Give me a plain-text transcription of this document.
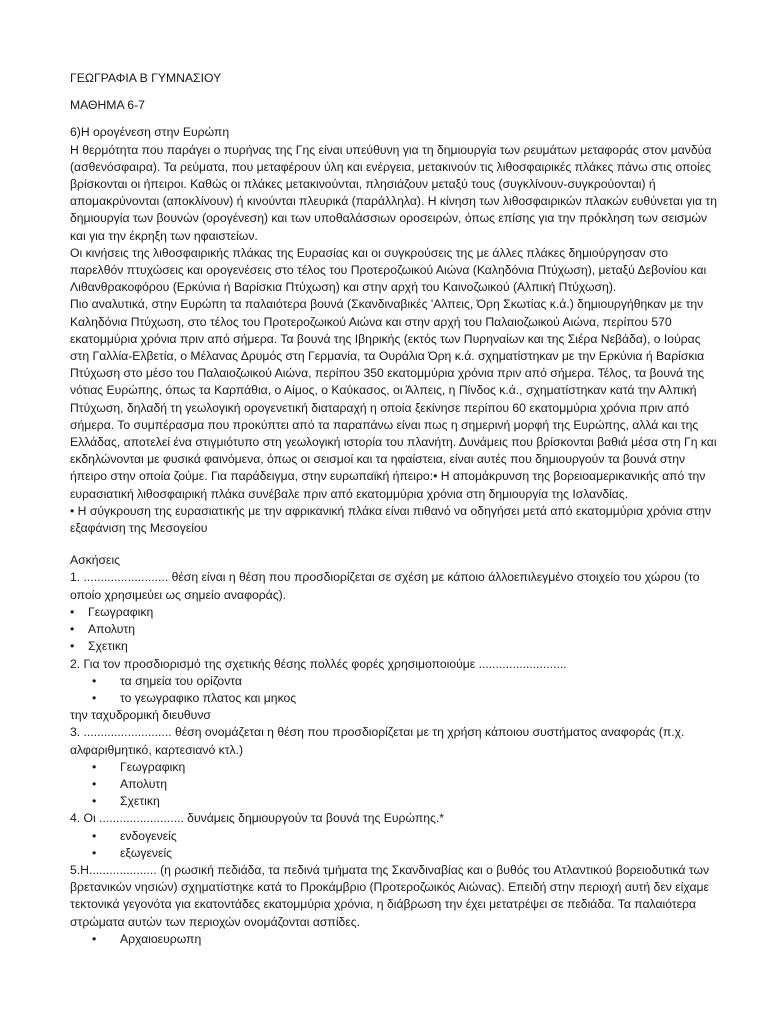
ΓΕΩΓΡΑΦΙΑ Β ΓΥΜΝΑΣΙΟΥ
ΜΑΘΗΜΑ 6-7

6)Η ορογένεση στην Ευρώπη

Η θερμότητα που παράγει ο πυρήνας της Γης είναι υπεύθυνη για τη δημιουργία των ρευμάτων μεταφοράς στον μανδύα (ασθενόσφαιρα). Τα ρεύματα, που μεταφέρουν ύλη και ενέργεια, μετακινούν τις λιθοσφαιρικές πλάκες πάνω στις οποίες βρίσκονται οι ήπειροι. Καθώς οι πλάκες μετακινούνται, πλησιάζουν μεταξύ τους (συγκλίνουν-συγκρούονται) ή απομακρύνονται (αποκλίνουν) ή κινούνται πλευρικά (παράλληλα). Η κίνηση των λιθοσφαιρικών πλακών ευθύνεται για τη δημιουργία των βουνών (ορογένεση) και των υποθαλάσσιων οροσειρών, όπως επίσης για την πρόκληση των σεισμών και για την έκρηξη των ηφαιστείων.

Οι κινήσεις της λιθοσφαιρικής πλάκας της Ευρασίας και οι συγκρούσεις της με άλλες πλάκες δημιούργησαν στο παρελθόν πτυχώσεις και ορογενέσεις στο τέλος του Προτεροζωικού Αιώνα (Καληδόνια Πτύχωση), μεταξύ Δεβονίου και Λιθανθρακοφόρου (Ερκύνια ή Βαρίσκια Πτύχωση) και στην αρχή του Καινοζωικού (Αλπική Πτύχωση).

Πιο αναλυτικά, στην Ευρώπη τα παλαιότερα βουνά (Σκανδιναβικές 'Αλπεις, Όρη Σκωτίας κ.ά.) δημιουργήθηκαν με την Καληδόνια Πτύχωση, στο τέλος του Προτεροζωικού Αιώνα και στην αρχή του Παλαιοζωικού Αιώνα, περίπου 570 εκατομμύρια χρόνια πριν από σήμερα. Τα βουνά της Ιβηρικής (εκτός των Πυρηναίων και της Σιέρα Νεβάδα), ο Ιούρας στη Γαλλία-Ελβετία, ο Μέλανας Δρυμός στη Γερμανία, τα Ουράλια Όρη κ.ά. σχηματίστηκαν με την Ερκύνια ή Βαρίσκια Πτύχωση στο μέσο του Παλαιοζωικού Αιώνα, περίπου 350 εκατομμύρια χρόνια πριν από σήμερα. Τέλος, τα βουνά της νότιας Ευρώπης, όπως τα Καρπάθια, ο Αίμος, ο Καύκασος, οι Άλπεις, η Πίνδος κ.ά., σχηματίστηκαν κατά την Αλπική Πτύχωση, δηλαδή τη γεωλογική ορογενετική διαταραχή η οποία ξεκίνησε περίπου 60 εκατομμύρια χρόνια πριν από σήμερα. Το συμπέρασμα που προκύπτει από τα παραπάνω είναι πως η σημερινή μορφή της Ευρώπης, αλλά και της Ελλάδας, αποτελεί ένα στιγμιότυπο στη γεωλογική ιστορία του πλανήτη. Δυνάμεις που βρίσκονται βαθιά μέσα στη Γη και εκδηλώνονται με φυσικά φαινόμενα, όπως οι σεισμοί και τα ηφαίστεια, είναι αυτές που δημιουργούν τα βουνά στην ήπειρο στην οποία ζούμε. Για παράδειγμα, στην ευρωπαϊκή ήπειρο:• Η απομάκρυνση της βορειοαμερικανικής από την ευρασιατική λιθοσφαιρική πλάκα συνέβαλε πριν από εκατομμύρια χρόνια στη δημιουργία της Ισλανδίας.

• Η σύγκρουση της ευρασιατικής με την αφρικανική πλάκα είναι πιθανό να οδηγήσει μετά από εκατομμύρια χρόνια στην εξαφάνιση της Μεσογείου

Ασκήσεις

1. ......................... θέση είναι η θέση που προσδιορίζεται σε σχέση με κάποιο άλλοεπιλεγμένο στοιχείο του χώρου (το οποίο χρησιμεύει ως σημείο αναφοράς).

• Γεωγραφικη
• Απολυτη
• Σχετικη

2. Για τον προσδιορισμό της σχετικής θέσης πολλές φορές χρησιμοποιούμε ..........................

• τα σημεία του ορίζοντα
• το γεωγραφικο πλατος και μηκος

την ταχυδρομική διευθυνσ

3. .......................... θέση ονομάζεται η θέση που προσδιορίζεται με τη χρήση κάποιου συστήματος αναφοράς (π.χ. αλφαριθμητικό, καρτεσιανό κτλ.)

• Γεωγραφικη
• Απολυτη
• Σχετικη

4. Οι ......................... δυνάμεις δημιουργούν τα βουνά της Ευρώπης.*

• ενδογενείς
• εξωγενείς

5.Η.................... (η ρωσική πεδιάδα, τα πεδινά τμήματα της Σκανδιναβίας και ο βυθός του Ατλαντικού βορειοδυτικά των βρετανικών νησιών) σχηματίστηκε κατά το Προκάμβριο (Προτεροζωικός Αιώνας). Επειδή στην περιοχή αυτή δεν είχαμε τεκτονικά γεγονότα για εκατοντάδες εκατομμύρια χρόνια, η διάβρωση την έχει μετατρέψει σε πεδιάδα. Τα παλαιότερα στρώματα αυτών των περιοχών ονομάζονται ασπίδες.

• Αρχαιοευρωπη
